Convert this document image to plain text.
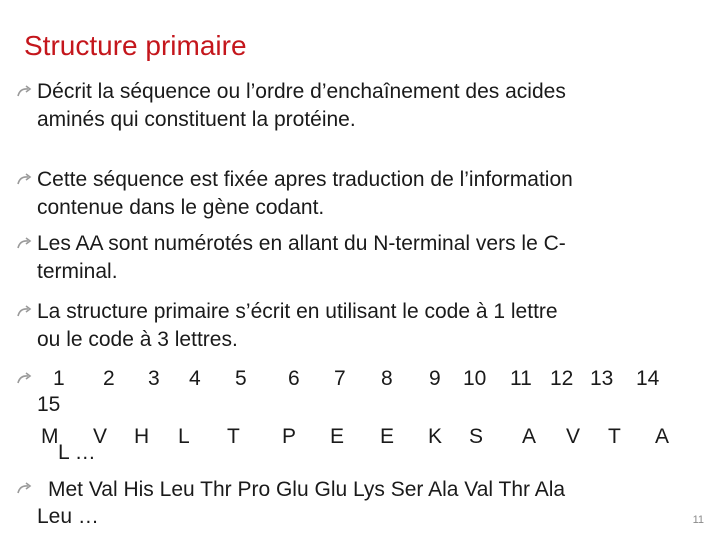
Structure primaire
Décrit la séquence ou l’ordre d’enchaînement des acides
aminés qui constituent la protéine.
Cette séquence est fixée apres traduction de l’information
contenue dans le gène codant.
Les AA sont numérotés en allant du N-terminal vers le C-
terminal.
La structure primaire s’écrit en utilisant le code à 1 lettre
ou le code à 3 lettres.
1 2 3 4 5 6 7 8 9 10 11 12 13 14
15
M V H L T P E E K S A V T A
L …
Met Val His Leu Thr Pro Glu Glu Lys Ser Ala Val Thr Ala
Leu …	11
